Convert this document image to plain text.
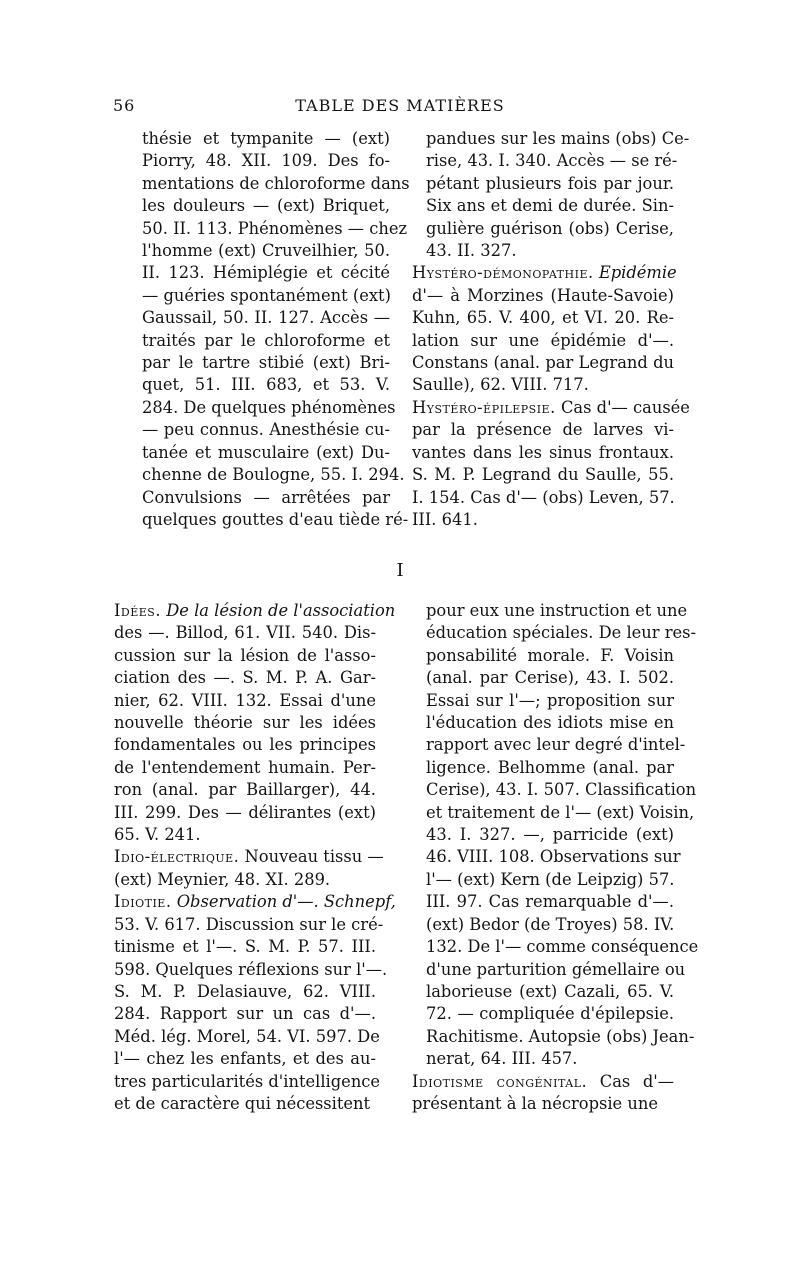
56	TABLE DES MATIÈRES
thésie et tympanite — (ext)
Piorry, 48. XII. 109. Des fo-
mentations de chloroforme dans
les douleurs — (ext) Briquet,
50. II. 113. Phénomènes — chez
l'homme (ext) Cruveilhier, 50.
II. 123. Hémiplégie et cécité
— guéries spontanément (ext)
Gaussail, 50. II. 127. Accès —
traités par le chloroforme et
par le tartre stibié (ext) Bri-
quet, 51. III. 683, et 53. V.
284. De quelques phénomènes
— peu connus. Anesthésie cu-
tanée et musculaire (ext) Du-
chenne de Boulogne, 55. I. 294.
Convulsions — arrêtées par
quelques gouttes d'eau tiède ré-
pandues sur les mains (obs) Ce-
rise, 43. I. 340. Accès — se ré-
pétant plusieurs fois par jour.
Six ans et demi de durée. Sin-
gulière guérison (obs) Cerise,
43. II. 327.
Hystéro-démonopathie. Epidémie
d'— à Morzines (Haute-Savoie)
Kuhn, 65. V. 400, et VI. 20. Re-
lation sur une épidémie d'—.
Constans (anal. par Legrand du
Saulle), 62. VIII. 717.
Hystéro-épilepsie. Cas d'— causée
par la présence de larves vi-
vantes dans les sinus frontaux.
S. M. P. Legrand du Saulle, 55.
I. 154. Cas d'— (obs) Leven, 57.
III. 641.
I
Idées. De la lésion de l'association
des —. Billod, 61. VII. 540. Dis-
cussion sur la lésion de l'asso-
ciation des —. S. M. P. A. Gar-
nier, 62. VIII. 132. Essai d'une
nouvelle théorie sur les idées
fondamentales ou les principes
de l'entendement humain. Per-
ron (anal. par Baillarger), 44.
III. 299. Des — délirantes (ext)
65. V. 241.
Idio-électrique. Nouveau tissu —
(ext) Meynier, 48. XI. 289.
Idiotie. Observation d'—. Schnepf,
53. V. 617. Discussion sur le cré-
tinisme et l'—. S. M. P. 57. III.
598. Quelques réflexions sur l'—.
S. M. P. Delasiauve, 62. VIII.
284. Rapport sur un cas d'—.
Méd. lég. Morel, 54. VI. 597. De
l'— chez les enfants, et des au-
tres particularités d'intelligence
et de caractère qui nécessitent
pour eux une instruction et une
éducation spéciales. De leur res-
ponsabilité morale. F. Voisin
(anal. par Cerise), 43. I. 502.
Essai sur l'—; proposition sur
l'éducation des idiots mise en
rapport avec leur degré d'intel-
ligence. Belhomme (anal. par
Cerise), 43. I. 507. Classification
et traitement de l'— (ext) Voisin,
43. I. 327. —, parricide (ext)
46. VIII. 108. Observations sur
l'— (ext) Kern (de Leipzig) 57.
III. 97. Cas remarquable d'—.
(ext) Bedor (de Troyes) 58. IV.
132. De l'— comme conséquence
d'une parturition gémellaire ou
laborieuse (ext) Cazali, 65. V.
72. — compliquée d'épilepsie.
Rachitisme. Autopsie (obs) Jean-
nerat, 64. III. 457.
Idiotisme congénital. Cas d'—
présentant à la nécropsie une
